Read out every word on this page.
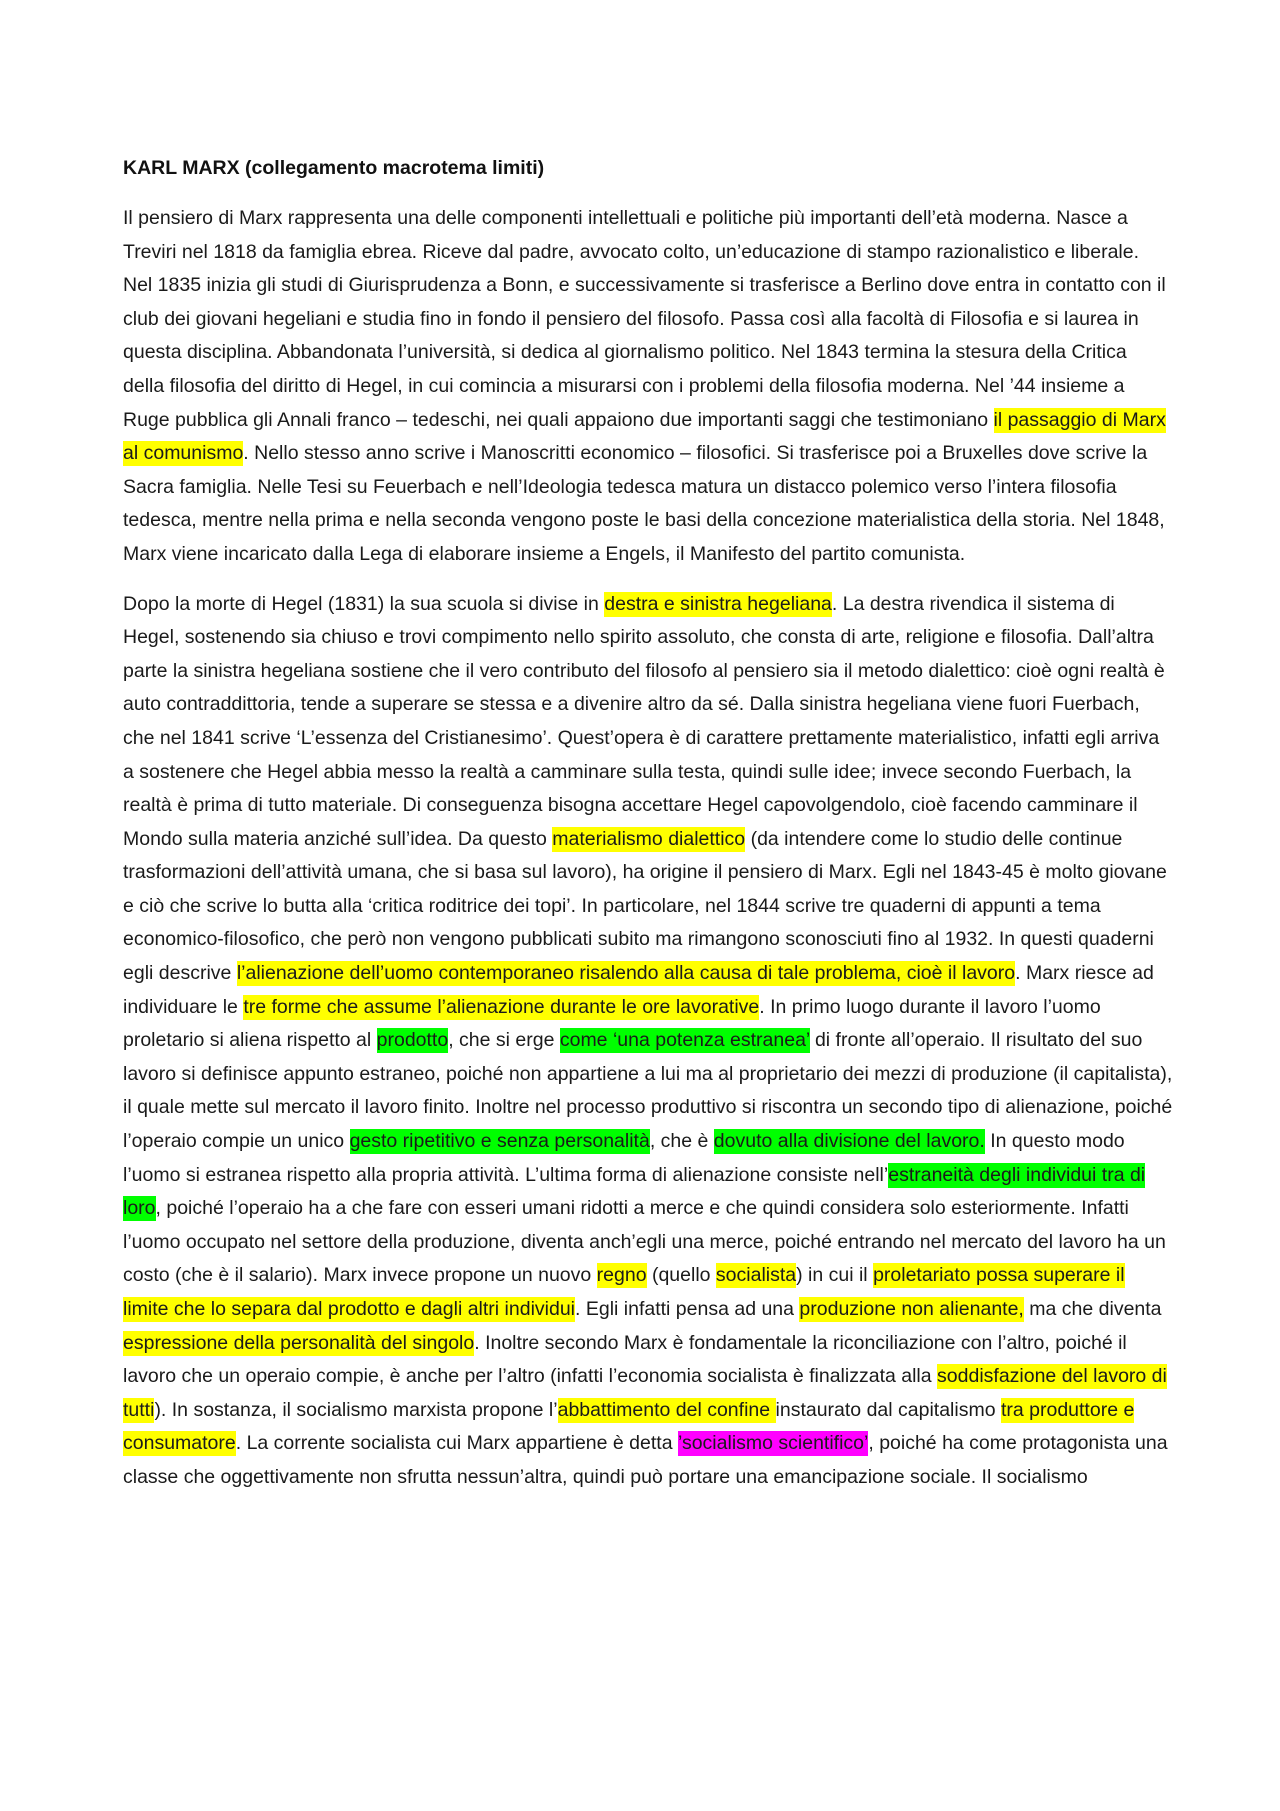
KARL MARX (collegamento macrotema limiti)

Il pensiero di Marx rappresenta una delle componenti intellettuali e politiche più importanti dell’età moderna. Nasce a Treviri nel 1818 da famiglia ebrea. Riceve dal padre, avvocato colto, un’educazione di stampo razionalistico e liberale. Nel 1835 inizia gli studi di Giurisprudenza a Bonn, e successivamente si trasferisce a Berlino dove entra in contatto con il club dei giovani hegeliani e studia fino in fondo il pensiero del filosofo. Passa così alla facoltà di Filosofia e si laurea in questa disciplina. Abbandonata l’università, si dedica al giornalismo politico. Nel 1843 termina la stesura della Critica della filosofia del diritto di Hegel, in cui comincia a misurarsi con i problemi della filosofia moderna. Nel ’44 insieme a Ruge pubblica gli Annali franco – tedeschi, nei quali appaiono due importanti saggi che testimoniano il passaggio di Marx al comunismo. Nello stesso anno scrive i Manoscritti economico – filosofici. Si trasferisce poi a Bruxelles dove scrive la Sacra famiglia. Nelle Tesi su Feuerbach e nell’Ideologia tedesca matura un distacco polemico verso l’intera filosofia tedesca, mentre nella prima e nella seconda vengono poste le basi della concezione materialistica della storia. Nel 1848, Marx viene incaricato dalla Lega di elaborare insieme a Engels, il Manifesto del partito comunista.

Dopo la morte di Hegel (1831) la sua scuola si divise in destra e sinistra hegeliana. La destra rivendica il sistema di Hegel, sostenendo sia chiuso e trovi compimento nello spirito assoluto, che consta di arte, religione e filosofia. Dall’altra parte la sinistra hegeliana sostiene che il vero contributo del filosofo al pensiero sia il metodo dialettico: cioè ogni realtà è auto contraddittoria, tende a superare se stessa e a divenire altro da sé. Dalla sinistra hegeliana viene fuori Fuerbach, che nel 1841 scrive ‘L’essenza del Cristianesimo’. Quest’opera è di carattere prettamente materialistico, infatti egli arriva a sostenere che Hegel abbia messo la realtà a camminare sulla testa, quindi sulle idee; invece secondo Fuerbach, la realtà è prima di tutto materiale. Di conseguenza bisogna accettare Hegel capovolgendolo, cioè facendo camminare il Mondo sulla materia anziché sull’idea. Da questo materialismo dialettico (da intendere come lo studio delle continue trasformazioni dell’attività umana, che si basa sul lavoro), ha origine il pensiero di Marx. Egli nel 1843-45 è molto giovane e ciò che scrive lo butta alla ‘critica roditrice dei topi’. In particolare, nel 1844 scrive tre quaderni di appunti a tema economico-filosofico, che però non vengono pubblicati subito ma rimangono sconosciuti fino al 1932. In questi quaderni egli descrive l’alienazione dell’uomo contemporaneo risalendo alla causa di tale problema, cioè il lavoro. Marx riesce ad individuare le tre forme che assume l’alienazione durante le ore lavorative. In primo luogo durante il lavoro l’uomo proletario si aliena rispetto al prodotto, che si erge come ‘una potenza estranea’ di fronte all’operaio. Il risultato del suo lavoro si definisce appunto estraneo, poiché non appartiene a lui ma al proprietario dei mezzi di produzione (il capitalista), il quale mette sul mercato il lavoro finito. Inoltre nel processo produttivo si riscontra un secondo tipo di alienazione, poiché l’operaio compie un unico gesto ripetitivo e senza personalità, che è dovuto alla divisione del lavoro. In questo modo l’uomo si estranea rispetto alla propria attività. L’ultima forma di alienazione consiste nell’estraneità degli individui tra di loro, poiché l’operaio ha a che fare con esseri umani ridotti a merce e che quindi considera solo esteriormente. Infatti l’uomo occupato nel settore della produzione, diventa anch’egli una merce, poiché entrando nel mercato del lavoro ha un costo (che è il salario). Marx invece propone un nuovo regno (quello socialista) in cui il proletariato possa superare il limite che lo separa dal prodotto e dagli altri individui. Egli infatti pensa ad una produzione non alienante, ma che diventa espressione della personalità del singolo. Inoltre secondo Marx è fondamentale la riconciliazione con l’altro, poiché il lavoro che un operaio compie, è anche per l’altro (infatti l’economia socialista è finalizzata alla soddisfazione del lavoro di tutti). In sostanza, il socialismo marxista propone l’abbattimento del confine instaurato dal capitalismo tra produttore e consumatore. La corrente socialista cui Marx appartiene è detta ’socialismo scientifico’, poiché ha come protagonista una classe che oggettivamente non sfrutta nessun’altra, quindi può portare una emancipazione sociale. Il socialismo
